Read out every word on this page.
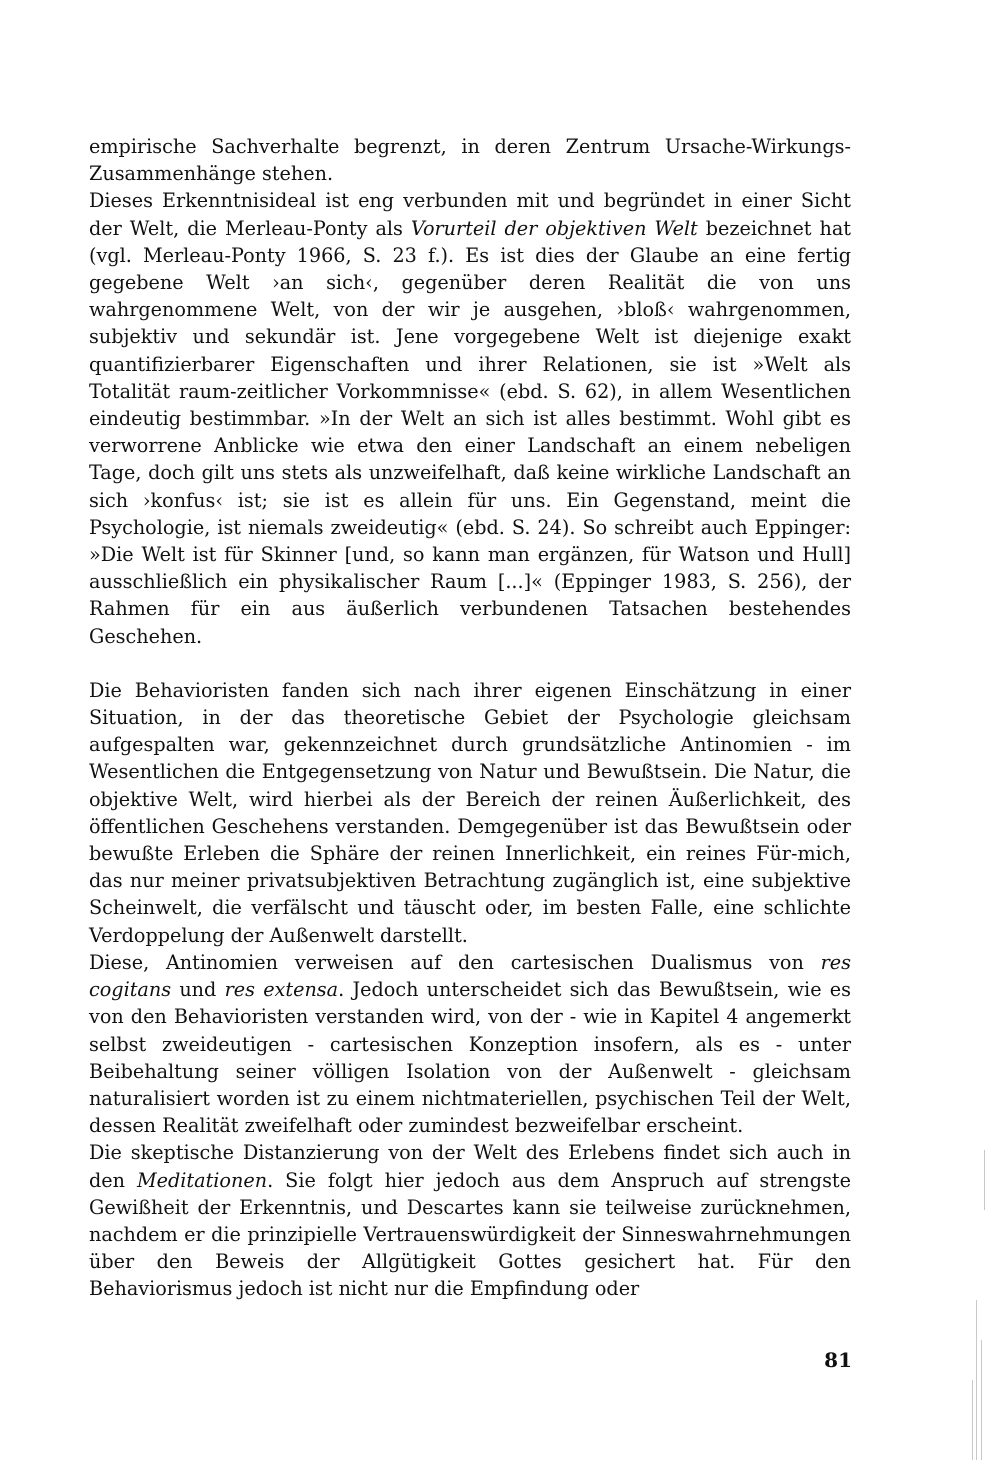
empirische Sachverhalte begrenzt, in deren Zentrum Ursache-Wirkungs-Zusammenhänge stehen.

Dieses Erkenntnisideal ist eng verbunden mit und begründet in einer Sicht der Welt, die Merleau-Ponty als Vorurteil der objektiven Welt bezeichnet hat (vgl. Merleau-Ponty 1966, S. 23 f.). Es ist dies der Glaube an eine fertig gegebene Welt ›an sich‹, gegenüber deren Realität die von uns wahrgenommene Welt, von der wir je ausgehen, ›bloß‹ wahrgenommen, subjektiv und sekundär ist. Jene vorgegebene Welt ist diejenige exakt quantifizierbarer Eigenschaften und ihrer Relationen, sie ist »Welt als Totalität raum-zeitlicher Vorkommnisse« (ebd. S. 62), in allem Wesentlichen eindeutig bestimmbar. »In der Welt an sich ist alles bestimmt. Wohl gibt es verworrene Anblicke wie etwa den einer Landschaft an einem nebeligen Tage, doch gilt uns stets als unzweifelhaft, daß keine wirkliche Landschaft an sich ›konfus‹ ist; sie ist es allein für uns. Ein Gegenstand, meint die Psychologie, ist niemals zweideutig« (ebd. S. 24). So schreibt auch Eppinger: »Die Welt ist für Skinner [und, so kann man ergänzen, für Watson und Hull] ausschließlich ein physikalischer Raum [...]« (Eppinger 1983, S. 256), der Rahmen für ein aus äußerlich verbundenen Tatsachen bestehendes Geschehen.

Die Behavioristen fanden sich nach ihrer eigenen Einschätzung in einer Situation, in der das theoretische Gebiet der Psychologie gleichsam aufgespalten war, gekennzeichnet durch grundsätzliche Antinomien - im Wesentlichen die Entgegensetzung von Natur und Bewußtsein. Die Natur, die objektive Welt, wird hierbei als der Bereich der reinen Äußerlichkeit, des öffentlichen Geschehens verstanden. Demgegenüber ist das Bewußtsein oder bewußte Erleben die Sphäre der reinen Innerlichkeit, ein reines Für-mich, das nur meiner privatsubjektiven Betrachtung zugänglich ist, eine subjektive Scheinwelt, die verfälscht und täuscht oder, im besten Falle, eine schlichte Verdoppelung der Außenwelt darstellt.

Diese, Antinomien verweisen auf den cartesischen Dualismus von res cogitans und res extensa. Jedoch unterscheidet sich das Bewußtsein, wie es von den Behavioristen verstanden wird, von der - wie in Kapitel 4 angemerkt selbst zweideutigen - cartesischen Konzeption insofern, als es - unter Beibehaltung seiner völligen Isolation von der Außenwelt - gleichsam naturalisiert worden ist zu einem nichtmateriellen, psychischen Teil der Welt, dessen Realität zweifelhaft oder zumindest bezweifelbar erscheint.

Die skeptische Distanzierung von der Welt des Erlebens findet sich auch in den Meditationen. Sie folgt hier jedoch aus dem Anspruch auf strengste Gewißheit der Erkenntnis, und Descartes kann sie teilweise zurücknehmen, nachdem er die prinzipielle Vertrauenswürdigkeit der Sinneswahrnehmungen über den Beweis der Allgütigkeit Gottes gesichert hat. Für den Behaviorismus jedoch ist nicht nur die Empfindung oder

81
